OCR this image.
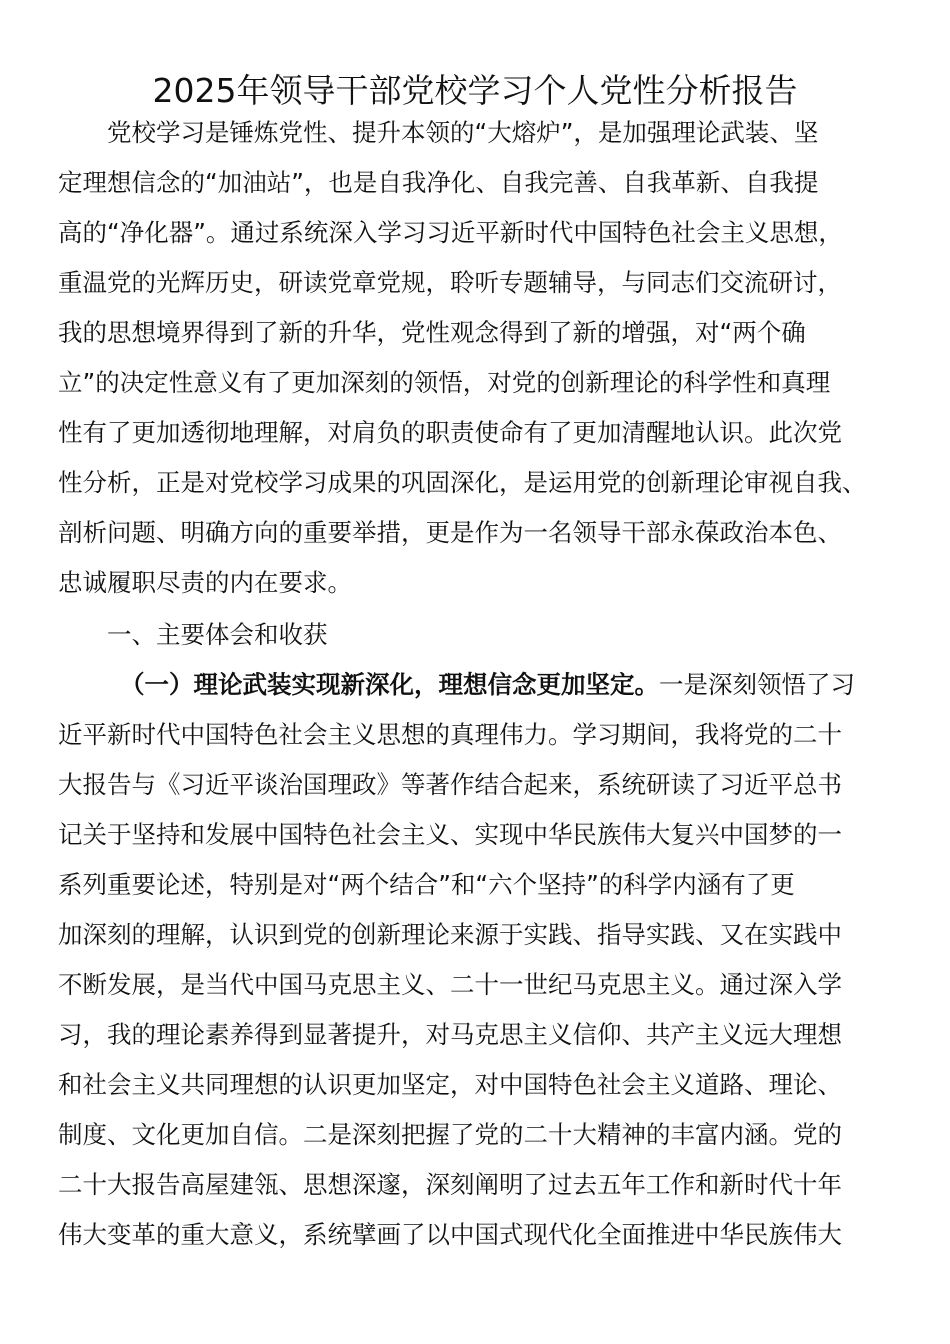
2025年领导干部党校学习个人党性分析报告
党校学习是锤炼党性、提升本领的“大熔炉”，是加强理论武装、坚
定理想信念的“加油站”，也是自我净化、自我完善、自我革新、自我提
高的“净化器”。通过系统深入学习习近平新时代中国特色社会主义思想，
重温党的光辉历史，研读党章党规，聆听专题辅导，与同志们交流研讨，
我的思想境界得到了新的升华，党性观念得到了新的增强，对“两个确
立”的决定性意义有了更加深刻的领悟，对党的创新理论的科学性和真理
性有了更加透彻地理解，对肩负的职责使命有了更加清醒地认识。此次党
性分析，正是对党校学习成果的巩固深化，是运用党的创新理论审视自我、
剖析问题、明确方向的重要举措，更是作为一名领导干部永葆政治本色、
忠诚履职尽责的内在要求。
一、主要体会和收获
（一）理论武装实现新深化，理想信念更加坚定。一是深刻领悟了习
近平新时代中国特色社会主义思想的真理伟力。学习期间，我将党的二十
大报告与《习近平谈治国理政》等著作结合起来，系统研读了习近平总书
记关于坚持和发展中国特色社会主义、实现中华民族伟大复兴中国梦的一
系列重要论述，特别是对“两个结合”和“六个坚持”的科学内涵有了更
加深刻的理解，认识到党的创新理论来源于实践、指导实践、又在实践中
不断发展，是当代中国马克思主义、二十一世纪马克思主义。通过深入学
习，我的理论素养得到显著提升，对马克思主义信仰、共产主义远大理想
和社会主义共同理想的认识更加坚定，对中国特色社会主义道路、理论、
制度、文化更加自信。二是深刻把握了党的二十大精神的丰富内涵。党的
二十大报告高屋建瓴、思想深邃，深刻阐明了过去五年工作和新时代十年
伟大变革的重大意义，系统擘画了以中国式现代化全面推进中华民族伟大
